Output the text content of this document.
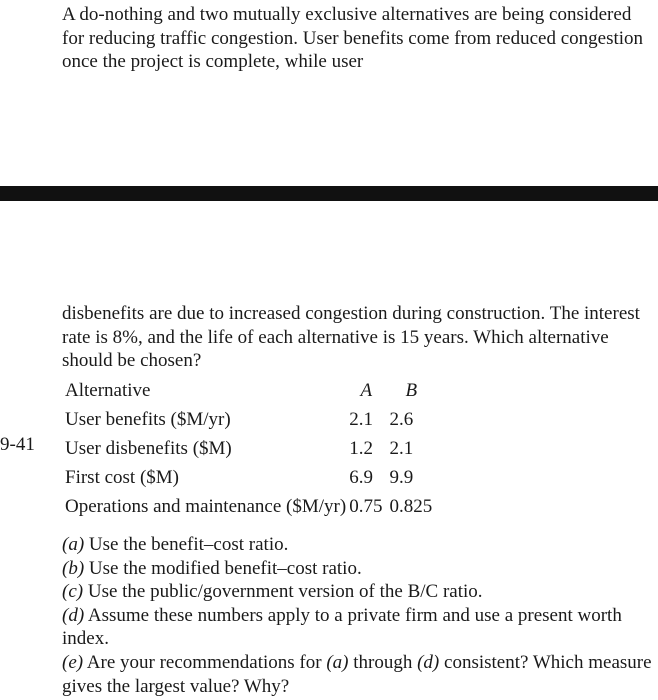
A do-nothing and two mutually exclusive alternatives are being considered for reducing traffic congestion. User benefits come from reduced congestion once the project is complete, while user

disbenefits are due to increased congestion during construction. The interest rate is 8%, and the life of each alternative is 15 years. Which alternative should be chosen?

9-41
Alternative	A	B
User benefits ($M/yr)	2.1	2.6
User disbenefits ($M)	1.2	2.1
First cost ($M)	6.9	9.9
Operations and maintenance ($M/yr)	0.75	0.825

(a) Use the benefit–cost ratio.

(b) Use the modified benefit–cost ratio.

(c) Use the public/government version of the B/C ratio.

(d) Assume these numbers apply to a private firm and use a present worth index.

(e) Are your recommendations for (a) through (d) consistent? Which measure gives the largest value? Why?
